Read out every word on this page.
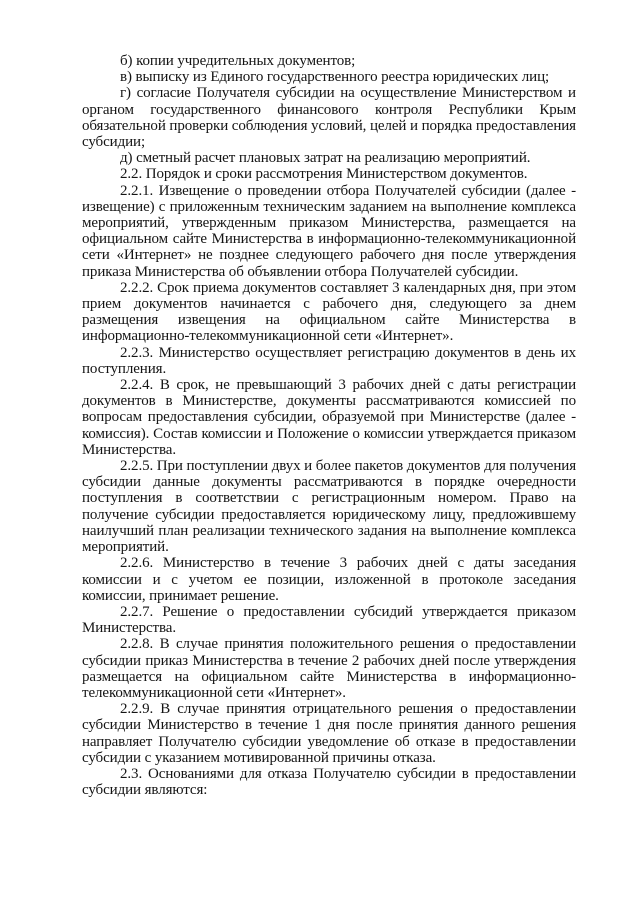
б) копии учредительных документов;

в) выписку из Единого государственного реестра юридических лиц;

г) согласие Получателя субсидии на осуществление Министерством и органом государственного финансового контроля Республики Крым обязательной проверки соблюдения условий, целей и порядка предоставления субсидии;

д) сметный расчет плановых затрат на реализацию мероприятий.

2.2. Порядок и сроки рассмотрения Министерством документов.

2.2.1. Извещение о проведении отбора Получателей субсидии (далее - извещение) с приложенным техническим заданием на выполнение комплекса мероприятий, утвержденным приказом Министерства, размещается на официальном сайте Министерства в информационно-телекоммуникационной сети «Интернет» не позднее следующего рабочего дня после утверждения приказа Министерства об объявлении отбора Получателей субсидии.

2.2.2. Срок приема документов составляет 3 календарных дня, при этом прием документов начинается с рабочего дня, следующего за днем размещения извещения на официальном сайте Министерства в информационно-телекоммуникационной сети «Интернет».

2.2.3. Министерство осуществляет регистрацию документов в день их поступления.

2.2.4. В срок, не превышающий 3 рабочих дней с даты регистрации документов в Министерстве, документы рассматриваются комиссией по вопросам предоставления субсидии, образуемой при Министерстве (далее - комиссия). Состав комиссии и Положение о комиссии утверждается приказом Министерства.

2.2.5. При поступлении двух и более пакетов документов для получения субсидии данные документы рассматриваются в порядке очередности поступления в соответствии с регистрационным номером. Право на получение субсидии предоставляется юридическому лицу, предложившему наилучший план реализации технического задания на выполнение комплекса мероприятий.

2.2.6. Министерство в течение 3 рабочих дней с даты заседания комиссии и с учетом ее позиции, изложенной в протоколе заседания комиссии, принимает решение.

2.2.7. Решение о предоставлении субсидий утверждается приказом Министерства.

2.2.8. В случае принятия положительного решения о предоставлении субсидии приказ Министерства в течение 2 рабочих дней после утверждения размещается на официальном сайте Министерства в информационно-телекоммуникационной сети «Интернет».

2.2.9. В случае принятия отрицательного решения о предоставлении субсидии Министерство в течение 1 дня после принятия данного решения направляет Получателю субсидии уведомление об отказе в предоставлении субсидии с указанием мотивированной причины отказа.

2.3. Основаниями для отказа Получателю субсидии в предоставлении субсидии являются:
